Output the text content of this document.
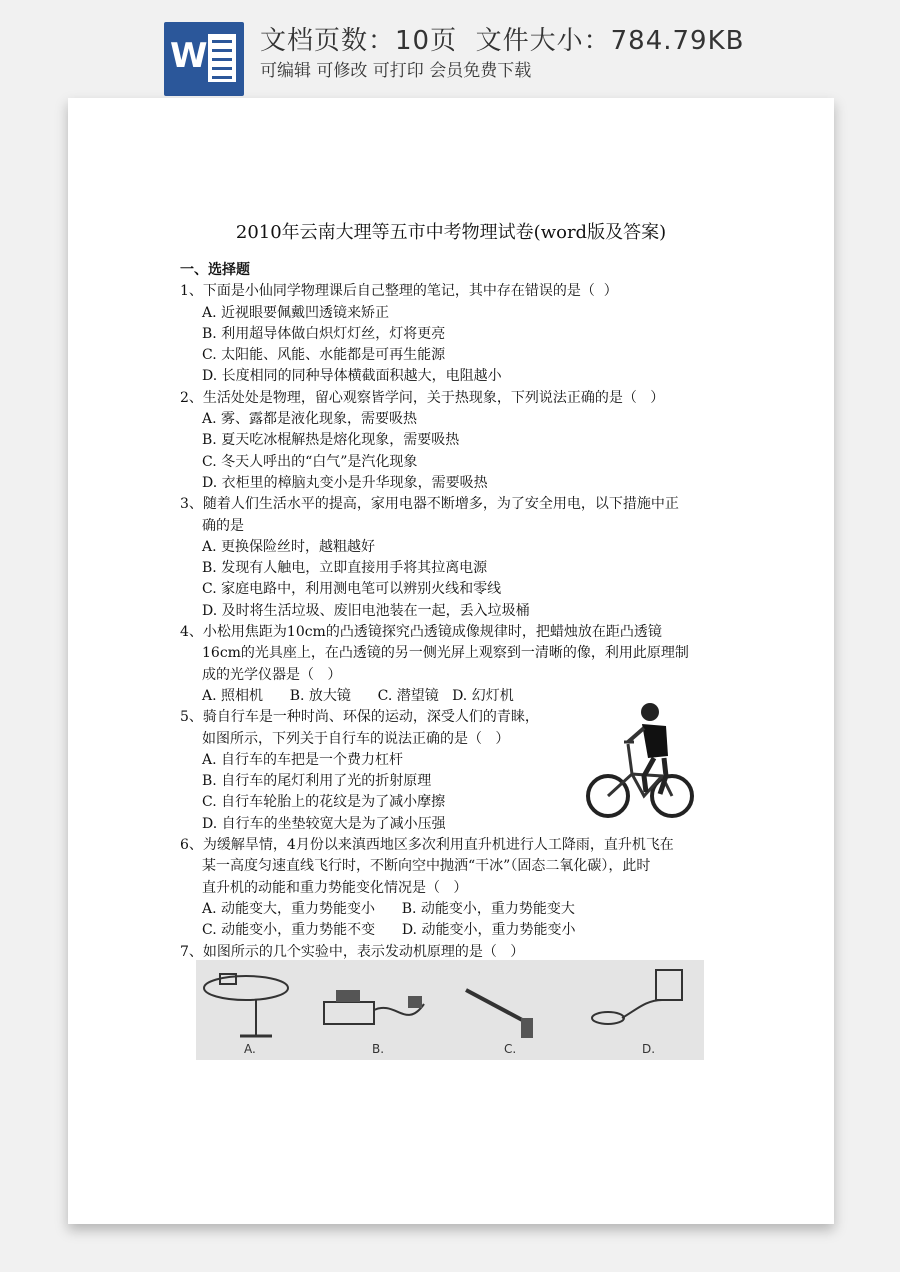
W 文档页数：10页  文件大小：784.79KB
可编辑 可修改 可打印 会员免费下载
2010年云南大理等五市中考物理试卷(word版及答案)
一、选择题
1、下面是小仙同学物理课后自己整理的笔记，其中存在错误的是（  ）
A. 近视眼要佩戴凹透镜来矫正
B. 利用超导体做白炽灯灯丝，灯将更亮
C. 太阳能、风能、水能都是可再生能源
D. 长度相同的同种导体横截面积越大，电阻越小
2、生活处处是物理，留心观察皆学问，关于热现象，下列说法正确的是（   ）
A. 雾、露都是液化现象，需要吸热
B. 夏天吃冰棍解热是熔化现象，需要吸热
C. 冬天人呼出的“白气”是汽化现象
D. 衣柜里的樟脑丸变小是升华现象，需要吸热
3、随着人们生活水平的提高，家用电器不断增多，为了安全用电，以下措施中正
确的是
A. 更换保险丝时，越粗越好
B. 发现有人触电，立即直接用手将其拉离电源
C. 家庭电路中，利用测电笔可以辨别火线和零线
D. 及时将生活垃圾、废旧电池装在一起，丢入垃圾桶
4、小松用焦距为10cm的凸透镜探究凸透镜成像规律时，把蜡烛放在距凸透镜
16cm的光具座上，在凸透镜的另一侧光屏上观察到一清晰的像，利用此原理制
成的光学仪器是（   ）
A. 照相机      B. 放大镜      C. 潜望镜   D. 幻灯机
5、骑自行车是一种时尚、环保的运动，深受人们的青睐，
如图所示，下列关于自行车的说法正确的是（   ）
A. 自行车的车把是一个费力杠杆
B. 自行车的尾灯利用了光的折射原理
C. 自行车轮胎上的花纹是为了减小摩擦
D. 自行车的坐垫较宽大是为了减小压强
6、为缓解旱情，4月份以来滇西地区多次利用直升机进行人工降雨，直升机飞在
某一高度匀速直线飞行时，不断向空中抛洒“干冰”（固态二氧化碳），此时
直升机的动能和重力势能变化情况是（   ）
A. 动能变大，重力势能变小      B. 动能变小，重力势能变大
C. 动能变小，重力势能不变      D. 动能变小，重力势能变小
7、如图所示的几个实验中，表示发动机原理的是（   ）
A.	B.	C.	D.
